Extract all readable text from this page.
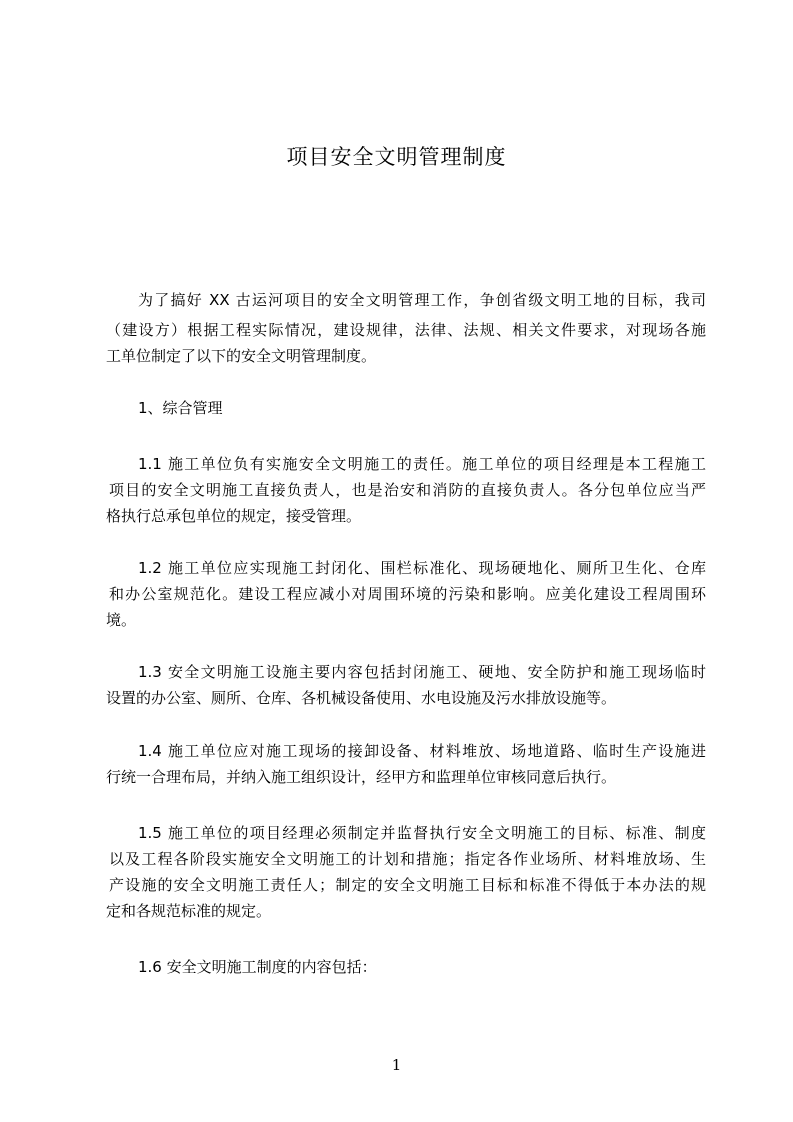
项目安全文明管理制度
为了搞好 XX 古运河项目的安全文明管理工作，争创省级文明工地的目标，我司
（建设方）根据工程实际情况，建设规律，法律、法规、相关文件要求，对现场各施
工单位制定了以下的安全文明管理制度。
1、综合管理
1.1 施工单位负有实施安全文明施工的责任。施工单位的项目经理是本工程施工
项目的安全文明施工直接负责人，也是治安和消防的直接负责人。各分包单位应当严
格执行总承包单位的规定，接受管理。
1.2 施工单位应实现施工封闭化、围栏标准化、现场硬地化、厕所卫生化、仓库
和办公室规范化。建设工程应减小对周围环境的污染和影响。应美化建设工程周围环
境。
1.3 安全文明施工设施主要内容包括封闭施工、硬地、安全防护和施工现场临时
设置的办公室、厕所、仓库、各机械设备使用、水电设施及污水排放设施等。
1.4 施工单位应对施工现场的接卸设备、材料堆放、场地道路、临时生产设施进
行统一合理布局，并纳入施工组织设计，经甲方和监理单位审核同意后执行。
1.5 施工单位的项目经理必须制定并监督执行安全文明施工的目标、标准、制度
以及工程各阶段实施安全文明施工的计划和措施；指定各作业场所、材料堆放场、生
产设施的安全文明施工责任人；制定的安全文明施工目标和标准不得低于本办法的规
定和各规范标准的规定。
1.6 安全文明施工制度的内容包括：
1
